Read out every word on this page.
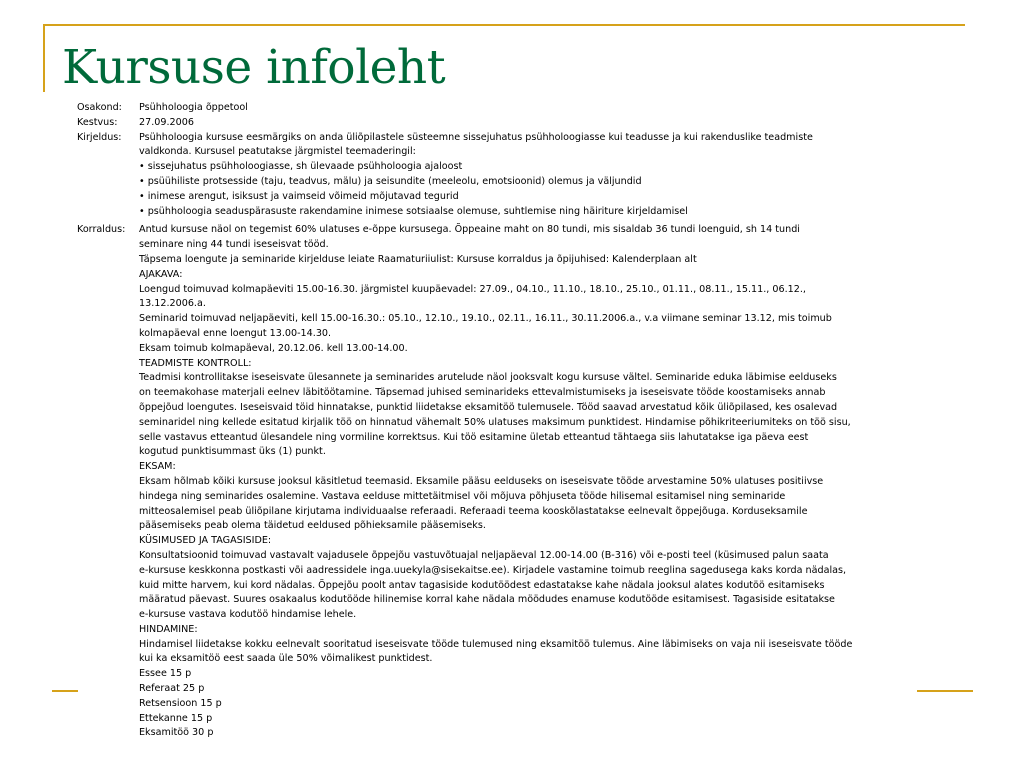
Kursuse infoleht
Osakond:	Psühholoogia õppetool
Kestvus:	27.09.2006
Kirjeldus:	Psühholoogia kursuse eesmärgiks on anda üliõpilastele süsteemne sissejuhatus psühholoogiasse kui teadusse ja kui rakenduslike teadmiste
valdkonda. Kursusel peatutakse järgmistel teemaderingil:
• sissejuhatus psühholoogiasse, sh ülevaade psühholoogia ajaloost
• psüühiliste protsesside (taju, teadvus, mälu) ja seisundite (meeleolu, emotsioonid) olemus ja väljundid
• inimese arengut, isiksust ja vaimseid võimeid mõjutavad tegurid
• psühholoogia seaduspärasuste rakendamine inimese sotsiaalse olemuse, suhtlemise ning häiriture kirjeldamisel
Korraldus:	Antud kursuse näol on tegemist 60% ulatuses e-õppe kursusega. Õppeaine maht on 80 tundi, mis sisaldab 36 tundi loenguid, sh 14 tundi
seminare ning 44 tundi iseseisvat tööd.
Täpsema loengute ja seminaride kirjelduse leiate Raamaturiiulist: Kursuse korraldus ja õpijuhised: Kalenderplaan alt
AJAKAVA:
Loengud toimuvad kolmapäeviti 15.00-16.30. järgmistel kuupäevadel: 27.09., 04.10., 11.10., 18.10., 25.10., 01.11., 08.11., 15.11., 06.12.,
13.12.2006.a.
Seminarid toimuvad neljapäeviti, kell 15.00-16.30.: 05.10., 12.10., 19.10., 02.11., 16.11., 30.11.2006.a., v.a viimane seminar 13.12, mis toimub
kolmapäeval enne loengut 13.00-14.30.
Eksam toimub kolmapäeval, 20.12.06. kell 13.00-14.00.
TEADMISTE KONTROLL:
Teadmisi kontrollitakse iseseisvate ülesannete ja seminarides arutelude näol jooksvalt kogu kursuse vältel. Seminaride eduka läbimise eelduseks
on teemakohase materjali eelnev läbitöötamine. Täpsemad juhised seminarideks ettevalmistumiseks ja iseseisvate tööde koostamiseks annab
õppejõud loengutes. Iseseisvaid töid hinnatakse, punktid liidetakse eksamitöö tulemusele. Tööd saavad arvestatud kõik üliõpilased, kes osalevad
seminaridel ning kellede esitatud kirjalik töö on hinnatud vähemalt 50% ulatuses maksimum punktidest. Hindamise põhikriteeriumiteks on töö sisu,
selle vastavus etteantud ülesandele ning vormiline korrektsus. Kui töö esitamine ületab etteantud tähtaega siis lahutatakse iga päeva eest
kogutud punktisummast üks (1) punkt.
EKSAM:
Eksam hõlmab kõiki kursuse jooksul käsitletud teemasid. Eksamile pääsu eelduseks on iseseisvate tööde arvestamine 50% ulatuses positiivse
hindega ning seminarides osalemine. Vastava eelduse mittetäitmisel või mõjuva põhjuseta tööde hilisemal esitamisel ning seminaride
mitteosalemisel peab üliõpilane kirjutama individuaalse referaadi. Referaadi teema kooskõlastatakse eelnevalt õppejõuga. Korduseksamile
pääsemiseks peab olema täidetud eeldused põhieksamile pääsemiseks.
KÜSIMUSED JA TAGASISIDE:
Konsultatsioonid toimuvad vastavalt vajadusele õppejõu vastuvõtuajal neljapäeval 12.00-14.00 (B-316) või e-posti teel (küsimused palun saata
e-kursuse keskkonna postkasti või aadressidele inga.uuekyla@sisekaitse.ee). Kirjadele vastamine toimub reeglina sagedusega kaks korda nädalas,
kuid mitte harvem, kui kord nädalas. Õppejõu poolt antav tagasiside kodutöödest edastatakse kahe nädala jooksul alates kodutöö esitamiseks
määratud päevast. Suures osakaalus kodutööde hilinemise korral kahe nädala möödudes enamuse kodutööde esitamisest. Tagasiside esitatakse
e-kursuse vastava kodutöö hindamise lehele.
HINDAMINE:
Hindamisel liidetakse kokku eelnevalt sooritatud iseseisvate tööde tulemused ning eksamitöö tulemus. Aine läbimiseks on vaja nii iseseisvate tööde
kui ka eksamitöö eest saada üle 50% võimalikest punktidest.
Essee 15 p
Referaat 25 p
Retsensioon 15 p
Ettekanne 15 p
Eksamitöö 30 p
